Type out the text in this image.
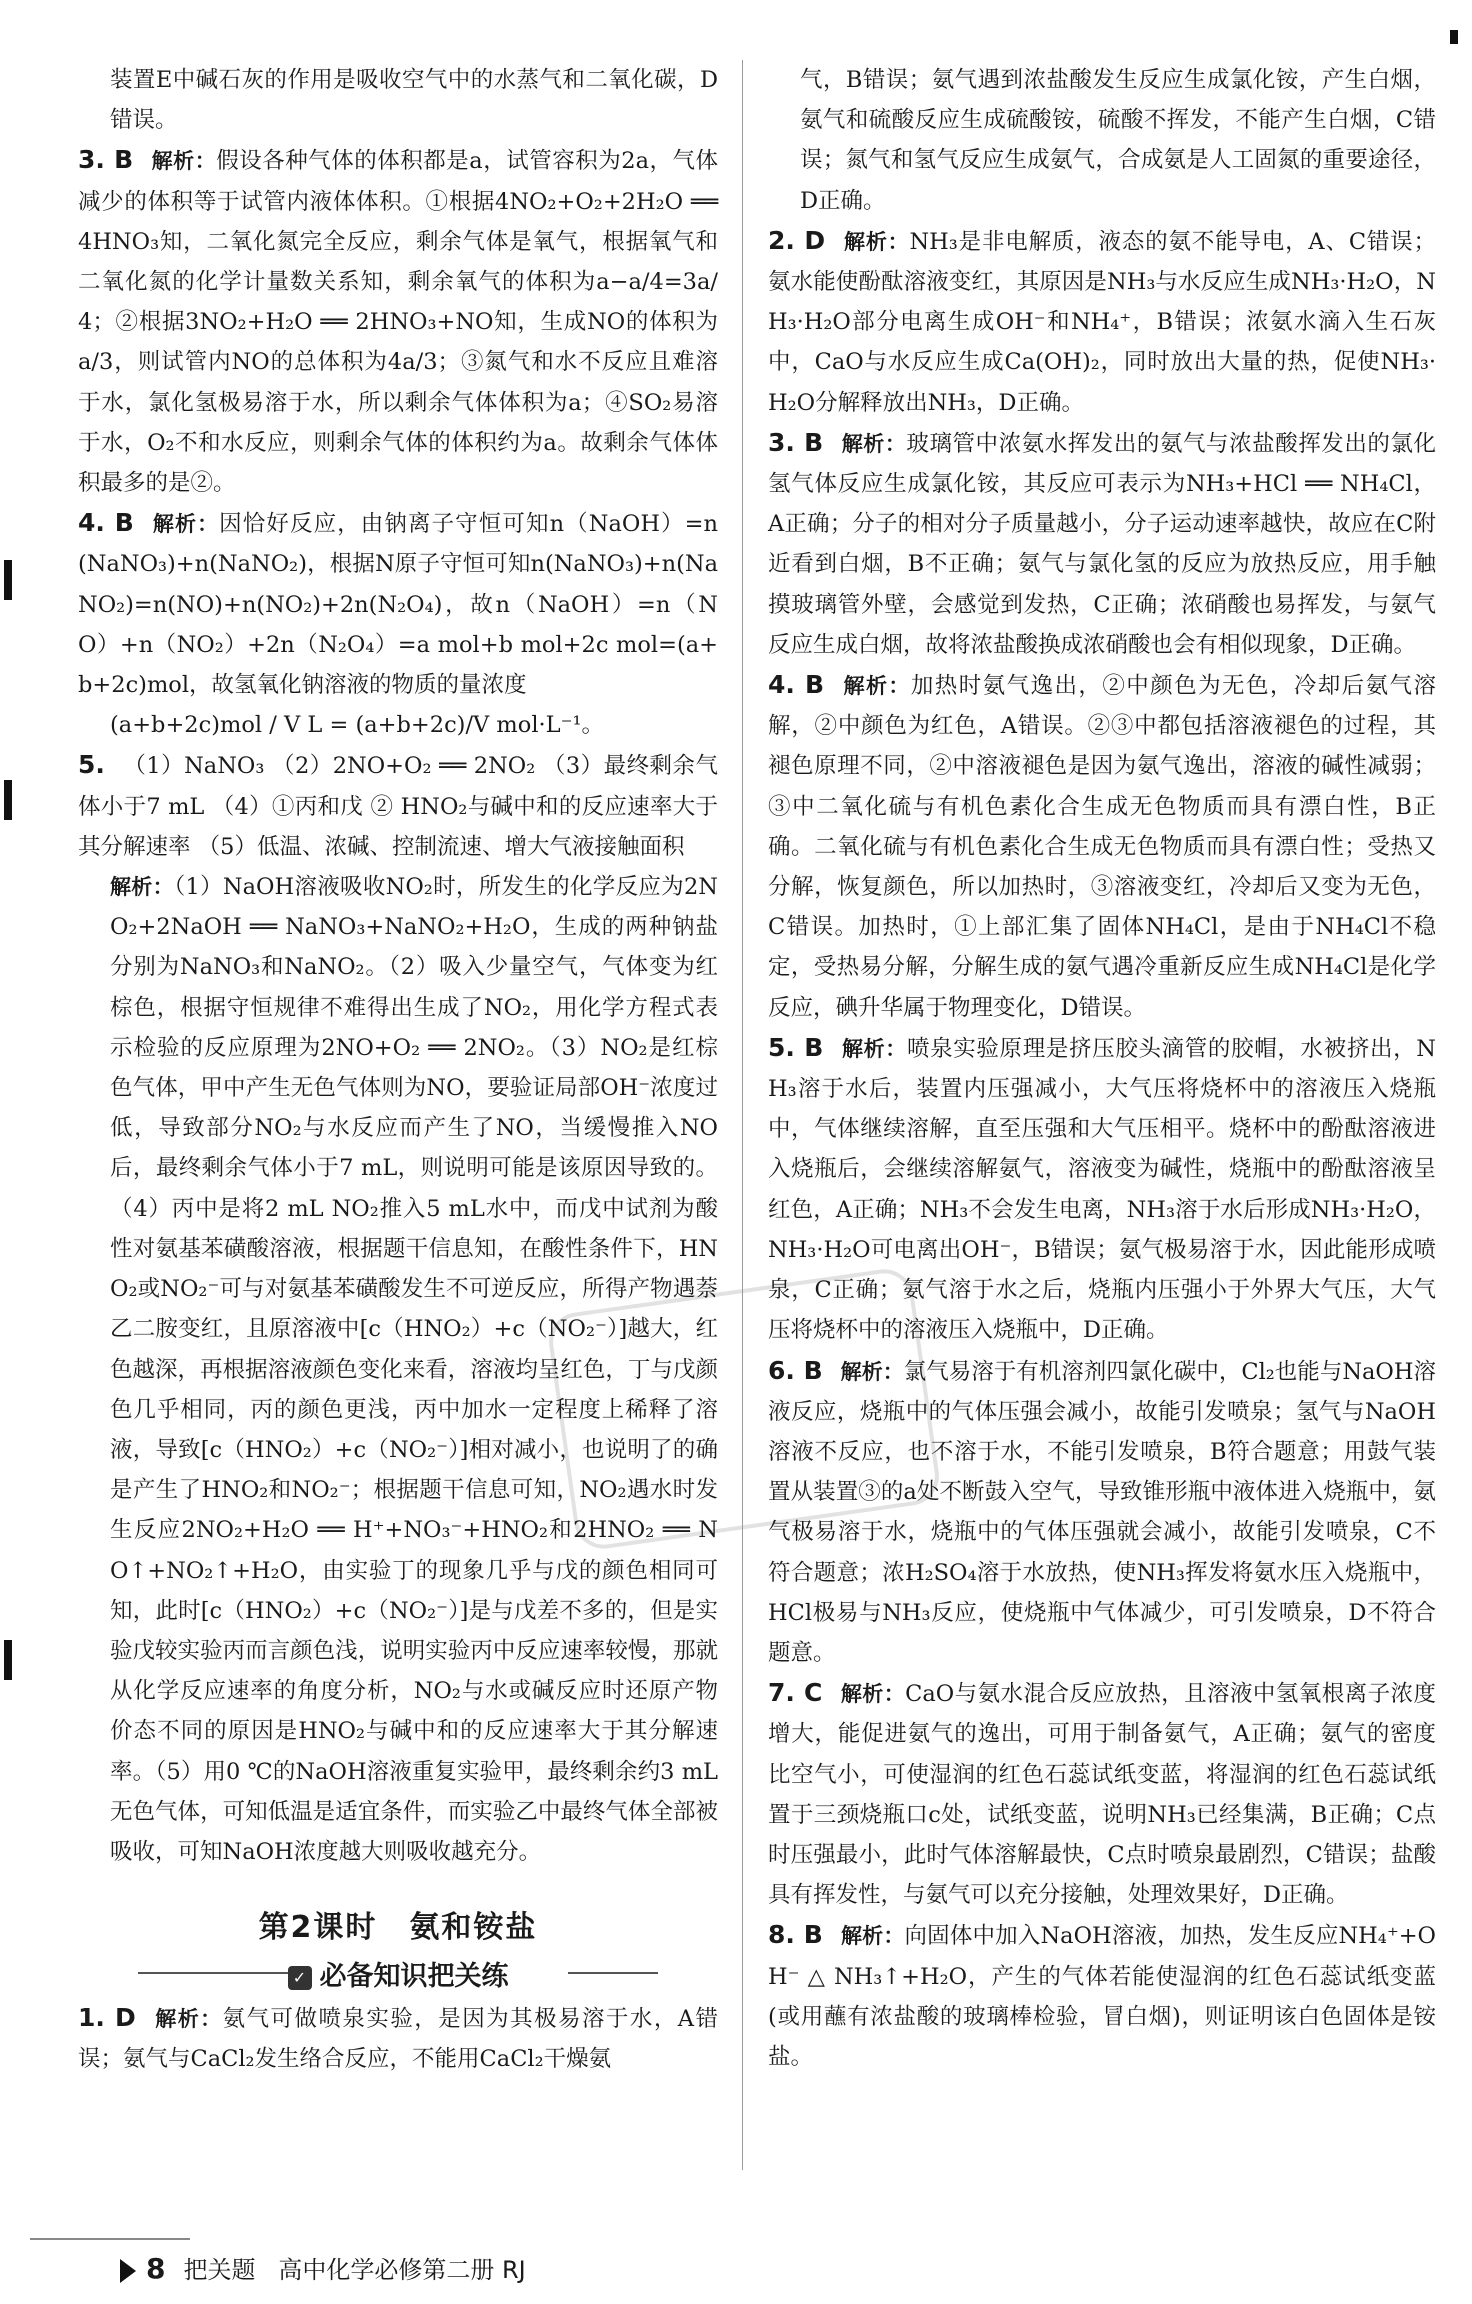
装置E中碱石灰的作用是吸收空气中的水蒸气和二氧化碳，D错误。

3. B 解析：假设各种气体的体积都是a，试管容积为2a，气体减少的体积等于试管内液体体积。①根据4NO₂+O₂+2H₂O ══ 4HNO₃知，二氧化氮完全反应，剩余气体是氧气，根据氧气和二氧化氮的化学计量数关系知，剩余氧气的体积为a−a/4=3a/4；②根据3NO₂+H₂O ══ 2HNO₃+NO知，生成NO的体积为a/3，则试管内NO的总体积为4a/3；③氮气和水不反应且难溶于水，氯化氢极易溶于水，所以剩余气体体积为a；④SO₂易溶于水，O₂不和水反应，则剩余气体的体积约为a。故剩余气体体积最多的是②。

4. B 解析：因恰好反应，由钠离子守恒可知n（NaOH）=n(NaNO₃)+n(NaNO₂)，根据N原子守恒可知n(NaNO₃)+n(NaNO₂)=n(NO)+n(NO₂)+2n(N₂O₄)，故n（NaOH）=n（NO）+n（NO₂）+2n（N₂O₄）=a mol+b mol+2c mol=(a+b+2c)mol，故氢氧化钠溶液的物质的量浓度

(a+b+2c)mol / V L = (a+b+2c)/V mol·L⁻¹。

5. （1）NaNO₃ （2）2NO+O₂ ══ 2NO₂ （3）最终剩余气体小于7 mL （4）①丙和戊 ② HNO₂与碱中和的反应速率大于其分解速率 （5）低温、浓碱、控制流速、增大气液接触面积

解析：（1）NaOH溶液吸收NO₂时，所发生的化学反应为2NO₂+2NaOH ══ NaNO₃+NaNO₂+H₂O，生成的两种钠盐分别为NaNO₃和NaNO₂。（2）吸入少量空气，气体变为红棕色，根据守恒规律不难得出生成了NO₂，用化学方程式表示检验的反应原理为2NO+O₂ ══ 2NO₂。（3）NO₂是红棕色气体，甲中产生无色气体则为NO，要验证局部OH⁻浓度过低，导致部分NO₂与水反应而产生了NO，当缓慢推入NO后，最终剩余气体小于7 mL，则说明可能是该原因导致的。（4）丙中是将2 mL NO₂推入5 mL水中，而戊中试剂为酸性对氨基苯磺酸溶液，根据题干信息知，在酸性条件下，HNO₂或NO₂⁻可与对氨基苯磺酸发生不可逆反应，所得产物遇萘乙二胺变红，且原溶液中[c（HNO₂）+c（NO₂⁻）]越大，红色越深，再根据溶液颜色变化来看，溶液均呈红色，丁与戊颜色几乎相同，丙的颜色更浅，丙中加水一定程度上稀释了溶液，导致[c（HNO₂）+c（NO₂⁻）]相对减小，也说明了的确是产生了HNO₂和NO₂⁻；根据题干信息可知，NO₂遇水时发生反应2NO₂+H₂O ══ H⁺+NO₃⁻+HNO₂和2HNO₂ ══ NO↑+NO₂↑+H₂O，由实验丁的现象几乎与戊的颜色相同可知，此时[c（HNO₂）+c（NO₂⁻）]是与戊差不多的，但是实验戊较实验丙而言颜色浅，说明实验丙中反应速率较慢，那就从化学反应速率的角度分析，NO₂与水或碱反应时还原产物价态不同的原因是HNO₂与碱中和的反应速率大于其分解速率。（5）用0 ℃的NaOH溶液重复实验甲，最终剩余约3 mL无色气体，可知低温是适宜条件，而实验乙中最终气体全部被吸收，可知NaOH浓度越大则吸收越充分。

第2课时　氨和铵盐
✓ 必备知识把关练

1. D 解析：氨气可做喷泉实验，是因为其极易溶于水，A错误；氨气与CaCl₂发生络合反应，不能用CaCl₂干燥氨

气，B错误；氨气遇到浓盐酸发生反应生成氯化铵，产生白烟，氨气和硫酸反应生成硫酸铵，硫酸不挥发，不能产生白烟，C错误；氮气和氢气反应生成氨气，合成氨是人工固氮的重要途径，D正确。

2. D 解析：NH₃是非电解质，液态的氨不能导电，A、C错误；氨水能使酚酞溶液变红，其原因是NH₃与水反应生成NH₃·H₂O，NH₃·H₂O部分电离生成OH⁻和NH₄⁺，B错误；浓氨水滴入生石灰中，CaO与水反应生成Ca(OH)₂，同时放出大量的热，促使NH₃·H₂O分解释放出NH₃，D正确。

3. B 解析：玻璃管中浓氨水挥发出的氨气与浓盐酸挥发出的氯化氢气体反应生成氯化铵，其反应可表示为NH₃+HCl ══ NH₄Cl，A正确；分子的相对分子质量越小，分子运动速率越快，故应在C附近看到白烟，B不正确；氨气与氯化氢的反应为放热反应，用手触摸玻璃管外壁，会感觉到发热，C正确；浓硝酸也易挥发，与氨气反应生成白烟，故将浓盐酸换成浓硝酸也会有相似现象，D正确。

4. B 解析：加热时氨气逸出，②中颜色为无色，冷却后氨气溶解，②中颜色为红色，A错误。②③中都包括溶液褪色的过程，其褪色原理不同，②中溶液褪色是因为氨气逸出，溶液的碱性减弱；③中二氧化硫与有机色素化合生成无色物质而具有漂白性，B正确。二氧化硫与有机色素化合生成无色物质而具有漂白性；受热又分解，恢复颜色，所以加热时，③溶液变红，冷却后又变为无色，C错误。加热时，①上部汇集了固体NH₄Cl，是由于NH₄Cl不稳定，受热易分解，分解生成的氨气遇冷重新反应生成NH₄Cl是化学反应，碘升华属于物理变化，D错误。

5. B 解析：喷泉实验原理是挤压胶头滴管的胶帽，水被挤出，NH₃溶于水后，装置内压强减小，大气压将烧杯中的溶液压入烧瓶中，气体继续溶解，直至压强和大气压相平。烧杯中的酚酞溶液进入烧瓶后，会继续溶解氨气，溶液变为碱性，烧瓶中的酚酞溶液呈红色，A正确；NH₃不会发生电离，NH₃溶于水后形成NH₃·H₂O，NH₃·H₂O可电离出OH⁻，B错误；氨气极易溶于水，因此能形成喷泉，C正确；氨气溶于水之后，烧瓶内压强小于外界大气压，大气压将烧杯中的溶液压入烧瓶中，D正确。

6. B 解析：氯气易溶于有机溶剂四氯化碳中，Cl₂也能与NaOH溶液反应，烧瓶中的气体压强会减小，故能引发喷泉；氢气与NaOH溶液不反应，也不溶于水，不能引发喷泉，B符合题意；用鼓气装置从装置③的a处不断鼓入空气，导致锥形瓶中液体进入烧瓶中，氨气极易溶于水，烧瓶中的气体压强就会减小，故能引发喷泉，C不符合题意；浓H₂SO₄溶于水放热，使NH₃挥发将氨水压入烧瓶中，HCl极易与NH₃反应，使烧瓶中气体减少，可引发喷泉，D不符合题意。

7. C 解析：CaO与氨水混合反应放热，且溶液中氢氧根离子浓度增大，能促进氨气的逸出，可用于制备氨气，A正确；氨气的密度比空气小，可使湿润的红色石蕊试纸变蓝，将湿润的红色石蕊试纸置于三颈烧瓶口c处，试纸变蓝，说明NH₃已经集满，B正确；C点时压强最小，此时气体溶解最快，C点时喷泉最剧烈，C错误；盐酸具有挥发性，与氨气可以充分接触，处理效果好，D正确。

8. B 解析：向固体中加入NaOH溶液，加热，发生反应NH₄⁺+OH⁻ △ NH₃↑+H₂O，产生的气体若能使湿润的红色石蕊试纸变蓝(或用蘸有浓盐酸的玻璃棒检验，冒白烟)，则证明该白色固体是铵盐。

8 把关题 高中化学必修第二册 RJ
